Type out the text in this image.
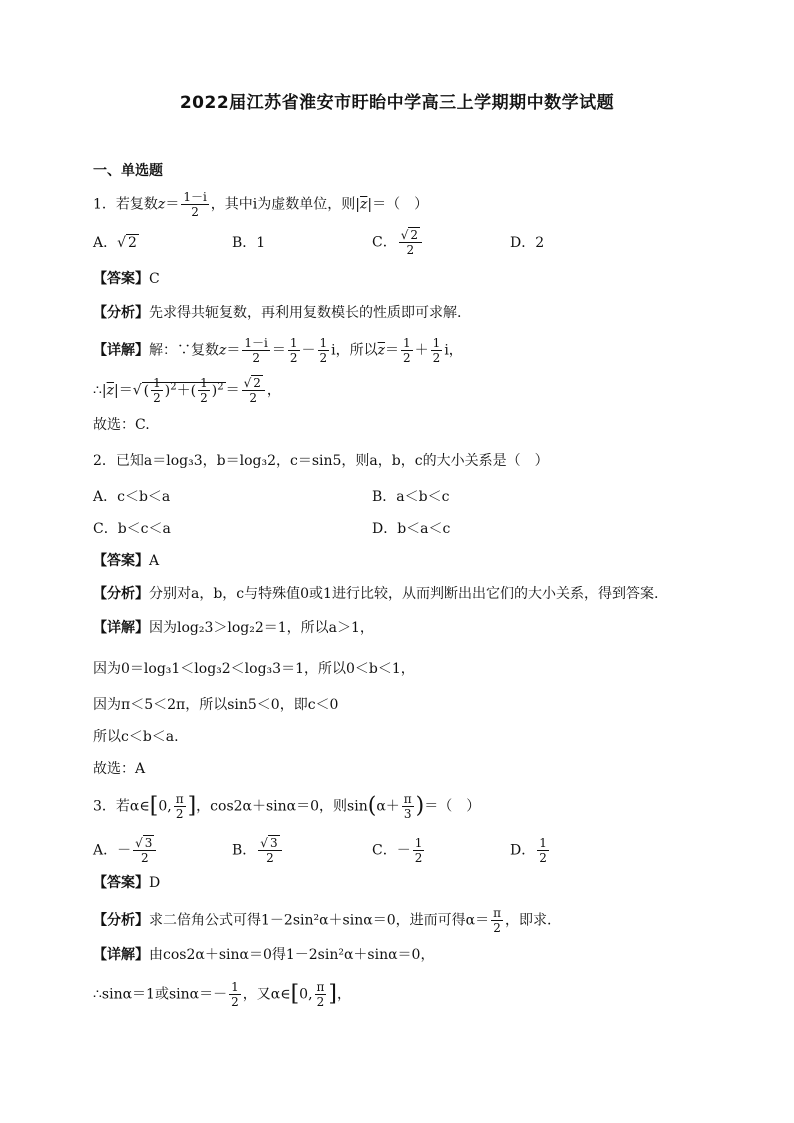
2022届江苏省淮安市盱眙中学高三上学期期中数学试题
一、单选题
1．若复数$z= \frac{1-i}{2}$ ，其中i为虚数单位，则$|\overline{z}|=$（　）
A．√ 2	B．1	C． $\frac{√ 2}{2}$	D．2
【答案】C
【分析】先求得共轭复数，再利用复数模长的性质即可求解.
【详解】解：∵复数$z= \frac{1-i}{2} = \frac{1}{2} - \frac{1}{2}$ i，所以$\overline{z}= \frac{1}{2} + \frac{1}{2}$ i，
$\therefore|\overline{z}|=√$ ( $\frac{1}{2} )^2+( \frac{1}{2} )^2 = \frac{√ 2}{2}$ ，
故选：C.
2．已知a＝log₃3，b＝log₃2，c＝sin5，则a，b，c的大小关系是（　）
A．c＜b＜a	B．a＜b＜c
C．b＜c＜a	D．b＜a＜c
【答案】A
【分析】分别对a，b，c与特殊值0或1进行比较，从而判断出出它们的大小关系，得到答案.
【详解】因为log₂3＞log₂2＝1，所以a＞1，
因为0＝log₃1＜log₃2＜log₃3＝1，所以0＜b＜1，
因为π＜5＜2π，所以sin5＜0，即c＜0
所以c＜b＜a.
故选：A
3．若α∈[0, $\frac{\pi}{2}$ ]，cos2α＋sinα＝0，则$\sin(\alpha+ \frac{\pi}{3}$ )＝（　）
A．－ $\frac{√ 3}{2}$	B． $\frac{√ 3}{2}$	C．－ $\frac{1}{2}$	D． $\frac{1}{2}$
【答案】D
【分析】求二倍角公式可得1－2sin²α＋sinα＝0，进而可得$\alpha= \frac{\pi}{2}$ ，即求.
【详解】由cos2α＋sinα＝0得1－2sin²α＋sinα＝0，
∴sinα＝1或$\sin\alpha=- \frac{1}{2}$ ，又α∈[0, $\frac{\pi}{2}$ ]，
